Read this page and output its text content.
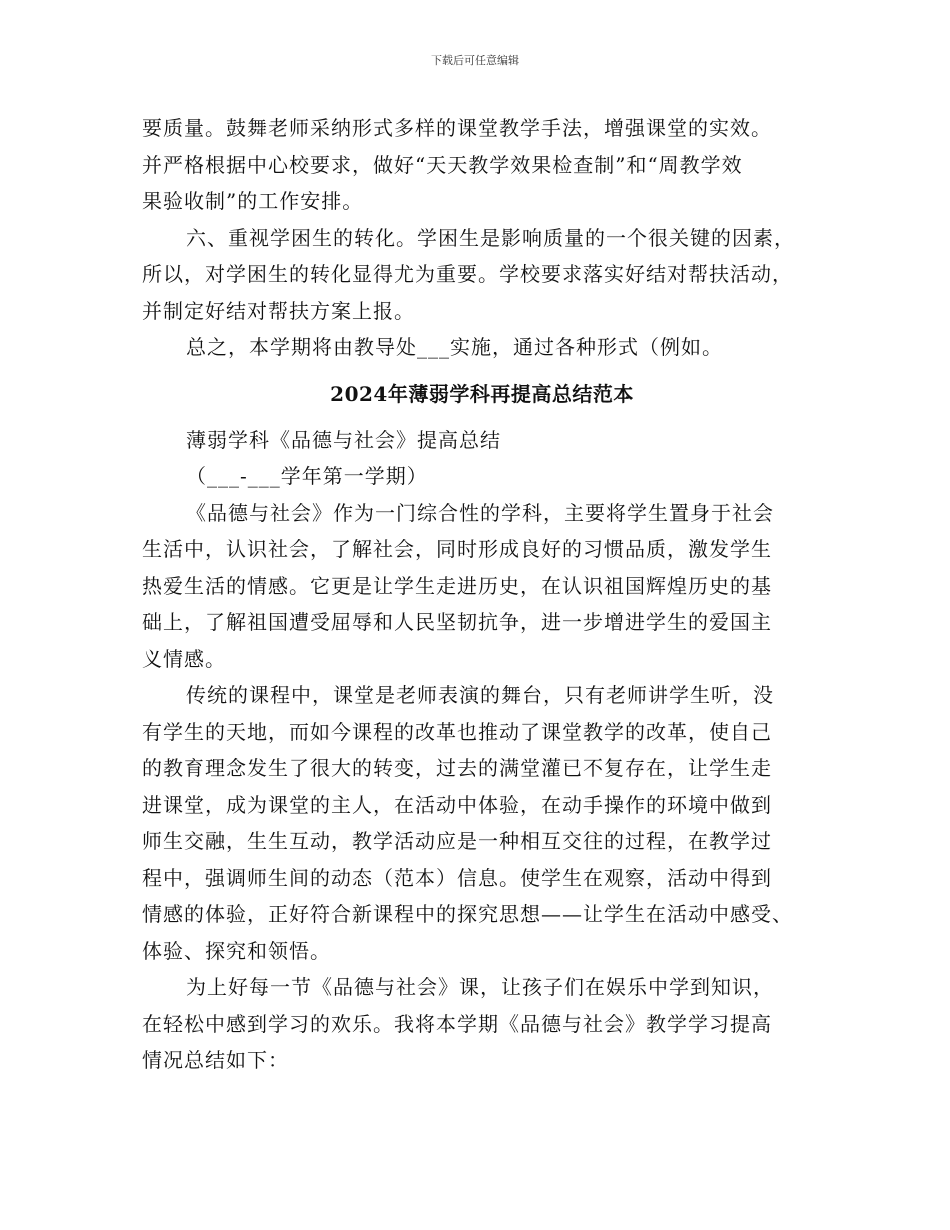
下载后可任意编辑
要质量。鼓舞老师采纳形式多样的课堂教学手法，增强课堂的实效。
并严格根据中心校要求，做好“天天教学效果检查制”和“周教学效
果验收制”的工作安排。
六、重视学困生的转化。学困生是影响质量的一个很关键的因素，
所以，对学困生的转化显得尤为重要。学校要求落实好结对帮扶活动，
并制定好结对帮扶方案上报。
总之，本学期将由教导处___实施，通过各种形式（例如。
2024年薄弱学科再提高总结范本
薄弱学科《品德与社会》提高总结
（___-___学年第一学期）
《品德与社会》作为一门综合性的学科，主要将学生置身于社会
生活中，认识社会，了解社会，同时形成良好的习惯品质，激发学生
热爱生活的情感。它更是让学生走进历史，在认识祖国辉煌历史的基
础上，了解祖国遭受屈辱和人民坚韧抗争，进一步增进学生的爱国主
义情感。
传统的课程中，课堂是老师表演的舞台，只有老师讲学生听，没
有学生的天地，而如今课程的改革也推动了课堂教学的改革，使自己
的教育理念发生了很大的转变，过去的满堂灌已不复存在，让学生走
进课堂，成为课堂的主人，在活动中体验，在动手操作的环境中做到
师生交融，生生互动，教学活动应是一种相互交往的过程，在教学过
程中，强调师生间的动态（范本）信息。使学生在观察，活动中得到
情感的体验，正好符合新课程中的探究思想——让学生在活动中感受、
体验、探究和领悟。
为上好每一节《品德与社会》课，让孩子们在娱乐中学到知识，
在轻松中感到学习的欢乐。我将本学期《品德与社会》教学学习提高
情况总结如下：
